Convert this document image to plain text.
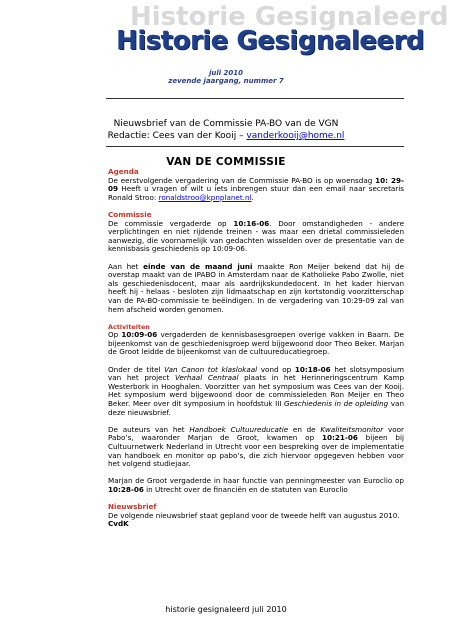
Historie Gesignaleerd
Historie Gesignaleerd
juli 2010
zevende jaargang, nummer 7
Nieuwsbrief van de Commissie PA-BO van de VGN
Redactie: Cees van der Kooij – vanderkooij@home.nl
VAN DE COMMISSIE

Agenda

De eerstvolgende vergadering van de Commissie PA-BO is op woensdag 10: 29-09 Heeft u vragen of wilt u iets inbrengen stuur dan een email naar secretaris Ronald Stroo: ronaldstroo@kpnplanet.nl.

Commissie

De commissie vergaderde op 10:16-06. Door omstandigheden - andere verplichtingen en niet rijdende treinen - was maar een drietal commissieleden aanwezig, die voornamelijk van gedachten wisselden over de presentatie van de kennisbasis geschiedenis op 10:09-06.

Aan het einde van de maand juni maakte Ron Meijer bekend dat hij de overstap maakt van de IPABO in Amsterdam naar de Katholieke Pabo Zwolle, niet als geschiedenisdocent, maar als aardrijkskundedocent. In het kader hiervan heeft hij - helaas - besloten zijn lidmaatschap en zijn kortstondig voorzitterschap van de PA-BO-commissie te beëindigen. In de vergadering van 10:29-09 zal van hem afscheid worden genomen.

Activiteiten

Op 10:09-06 vergaderden de kennisbasesgroepen overige vakken in Baarn. De bijeenkomst van de geschiedenisgroep werd bijgewoond door Theo Beker. Marjan de Groot leidde de bijeenkomst van de cultuureducatiegroep.

Onder de titel Van Canon tot klaslokaal vond op 10:18-06 het slotsymposium van het project Verhaal Centraal plaats in het Herinneringscentrum Kamp Westerbork in Hooghalen. Voorzitter van het symposium was Cees van der Kooij. Het symposium werd bijgewoond door de commissieleden Ron Meijer en Theo Beker. Meer over dit symposium in hoofdstuk III Geschiedenis in de opleiding van deze nieuwsbrief.

De auteurs van het Handboek Cultuureducatie en de Kwaliteitsmonitor voor Pabo’s, waaronder Marjan de Groot, kwamen op 10:21-06 bijeen bij Cultuurnetwerk Nederland in Utrecht voor een bespreking over de implementatie van handboek en monitor op pabo’s, die zich hiervoor opgegeven hebben voor het volgend studiejaar.

Marjan de Groot vergaderde in haar functie van penningmeester van Euroclio op 10:28-06 in Utrecht over de financiën en de statuten van Euroclio

Nieuwsbrief

De volgende nieuwsbrief staat gepland voor de tweede helft van augustus 2010.

CvdK

historie gesignaleerd juli 2010
